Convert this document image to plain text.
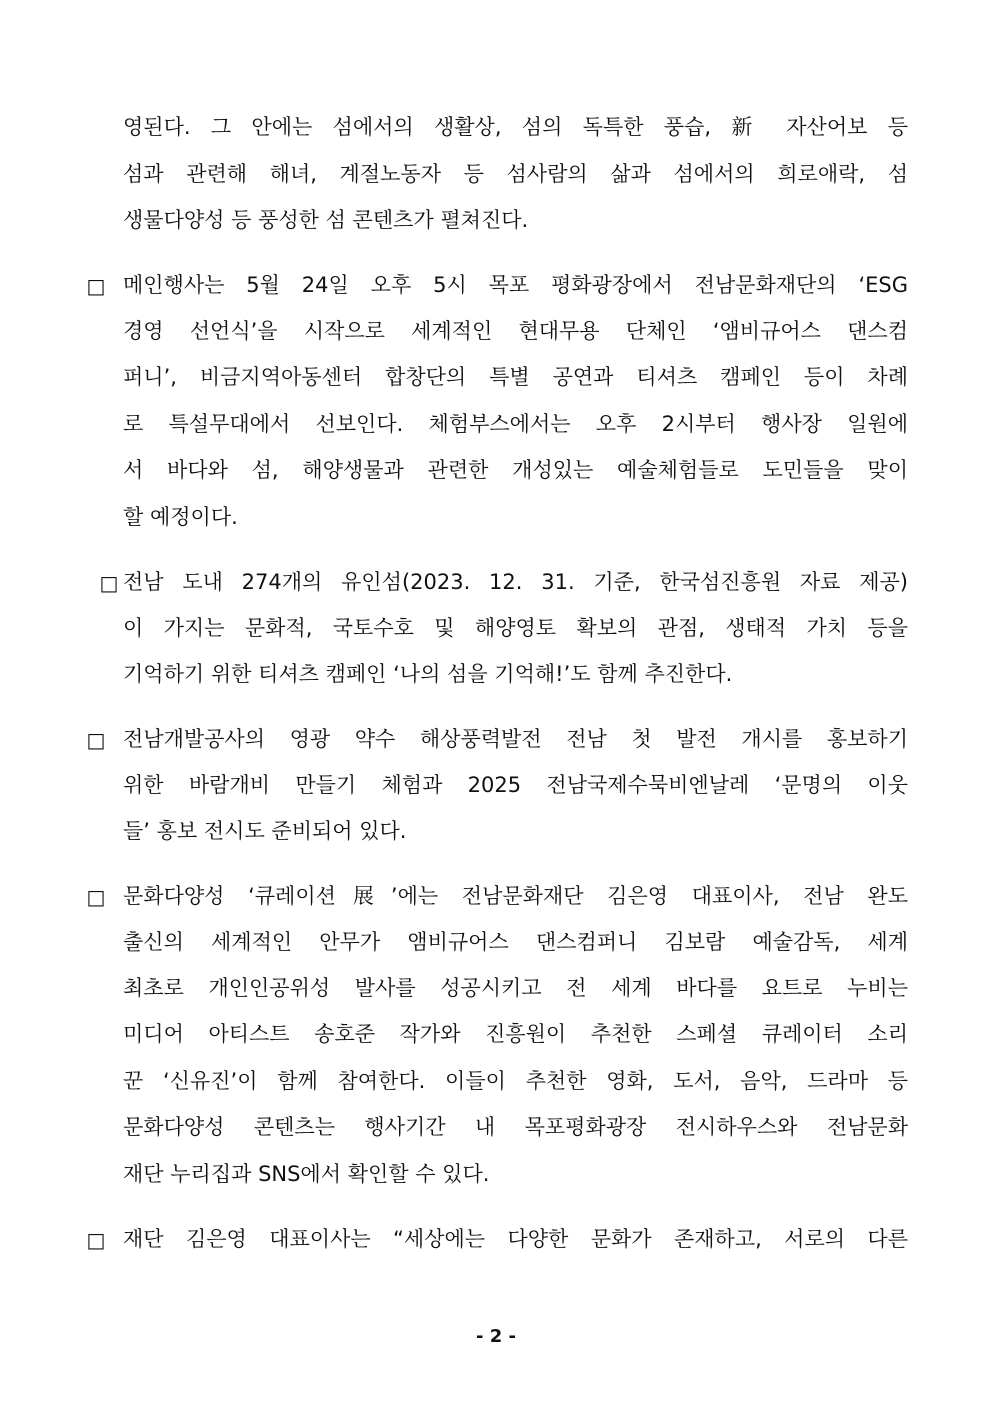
영된다. 그 안에는 섬에서의 생활상, 섬의 독특한 풍습, 新 자산어보 등
섬과 관련해 해녀, 계절노동자 등 섬사람의 삶과 섬에서의 희로애락, 섬
생물다양성 등 풍성한 섬 콘텐츠가 펼쳐진다.
□ 메인행사는 5월 24일 오후 5시 목포 평화광장에서 전남문화재단의 ‘ESG
경영 선언식’을 시작으로 세계적인 현대무용 단체인 ‘앰비규어스 댄스컴
퍼니’, 비금지역아동센터 합창단의 특별 공연과 티셔츠 캠페인 등이 차례
로 특설무대에서 선보인다. 체험부스에서는 오후 2시부터 행사장 일원에
서 바다와 섬, 해양생물과 관련한 개성있는 예술체험들로 도민들을 맞이
할 예정이다.
□ 전남 도내 274개의 유인섬(2023. 12. 31. 기준, 한국섬진흥원 자료 제공)
이 가지는 문화적, 국토수호 및 해양영토 확보의 관점, 생태적 가치 등을
기억하기 위한 티셔츠 캠페인 ‘나의 섬을 기억해!’도 함께 추진한다.
□ 전남개발공사의 영광 약수 해상풍력발전 전남 첫 발전 개시를 홍보하기
위한 바람개비 만들기 체험과 2025 전남국제수묵비엔날레 ‘문명의 이웃
들’ 홍보 전시도 준비되어 있다.
□ 문화다양성 ‘큐레이션展’에는 전남문화재단 김은영 대표이사, 전남 완도
출신의 세계적인 안무가 앰비규어스 댄스컴퍼니 김보람 예술감독, 세계
최초로 개인인공위성 발사를 성공시키고 전 세계 바다를 요트로 누비는
미디어 아티스트 송호준 작가와 진흥원이 추천한 스페셜 큐레이터 소리
꾼 ‘신유진’이 함께 참여한다. 이들이 추천한 영화, 도서, 음악, 드라마 등
문화다양성 콘텐츠는 행사기간 내 목포평화광장 전시하우스와 전남문화
재단 누리집과 SNS에서 확인할 수 있다.
□ 재단 김은영 대표이사는 “세상에는 다양한 문화가 존재하고, 서로의 다른
- 2 -
